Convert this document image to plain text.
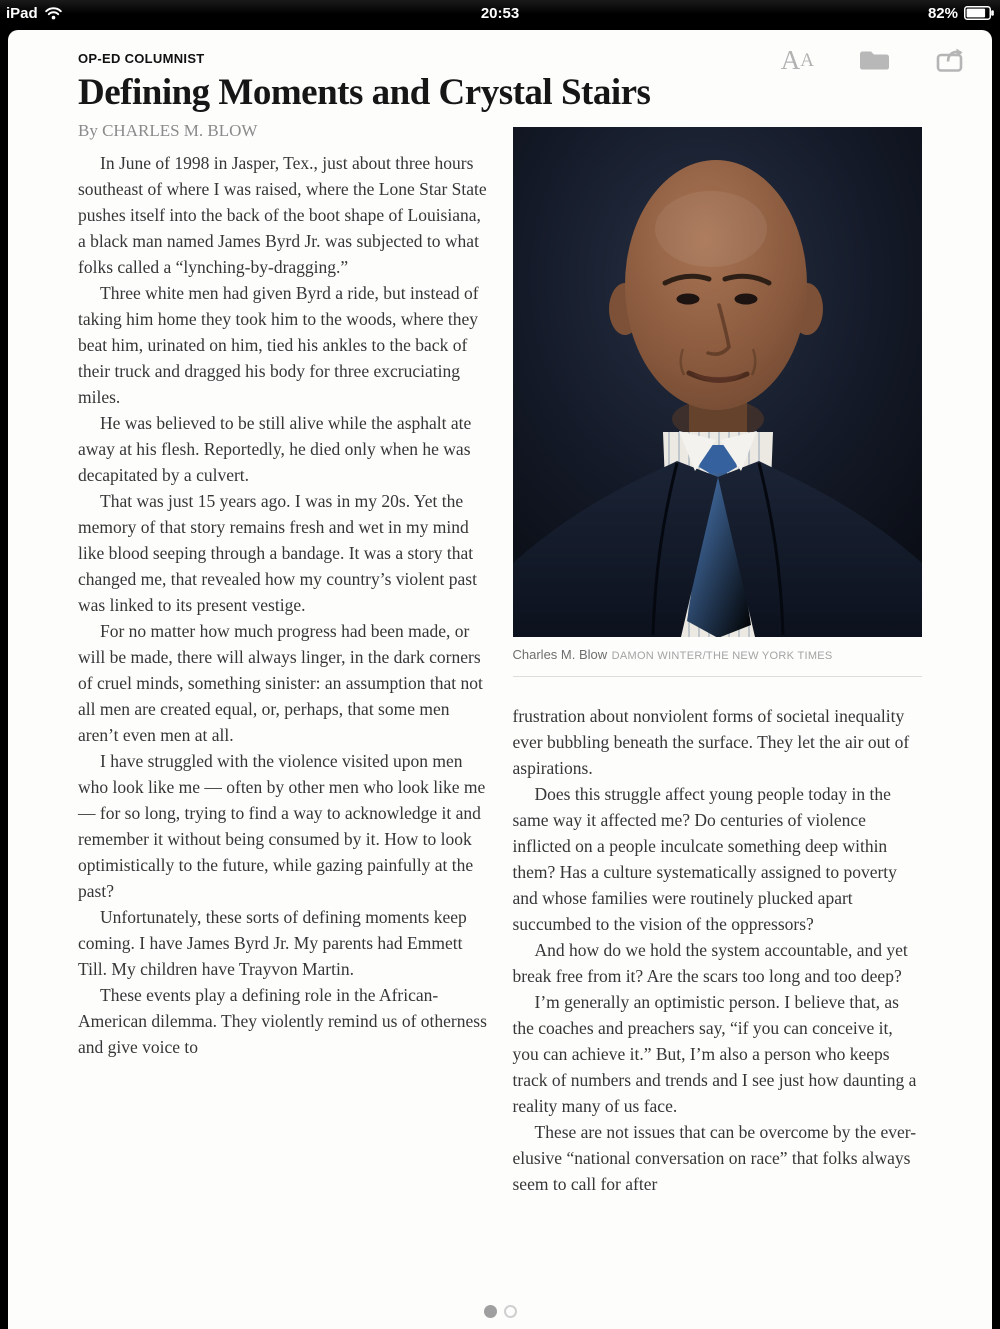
iPad	20:53	82%
A A
OP-ED COLUMNIST
Defining Moments and Crystal Stairs
By CHARLES M. BLOW

In June of 1998 in Jasper, Tex., just about three hours southeast of where I was raised, where the Lone Star State pushes itself into the back of the boot shape of Louisiana, a black man named James Byrd Jr. was subjected to what folks called a “lynching-by-dragging.”

Three white men had given Byrd a ride, but instead of taking him home they took him to the woods, where they beat him, urinated on him, tied his ankles to the back of their truck and dragged his body for three excruciating miles.

He was believed to be still alive while the asphalt ate away at his flesh. Reportedly, he died only when he was decapitated by a culvert.

That was just 15 years ago. I was in my 20s. Yet the memory of that story remains fresh and wet in my mind like blood seeping through a bandage. It was a story that changed me, that revealed how my country’s violent past was linked to its present vestige.

For no matter how much progress had been made, or will be made, there will always linger, in the dark corners of cruel minds, something sinister: an assumption that not all men are created equal, or, perhaps, that some men aren’t even men at all.

I have struggled with the violence visited upon men who look like me — often by other men who look like me — for so long, trying to find a way to acknowledge it and remember it without being consumed by it. How to look optimistically to the future, while gazing painfully at the past?

Unfortunately, these sorts of defining moments keep coming. I have James Byrd Jr. My parents had Emmett Till. My children have Trayvon Martin.

These events play a defining role in the African-American dilemma. They violently remind us of otherness and give voice to

Charles M. Blow DAMON WINTER/THE NEW YORK TIMES

frustration about nonviolent forms of societal inequality ever bubbling beneath the surface. They let the air out of aspirations.

Does this struggle affect young people today in the same way it affected me? Do centuries of violence inflicted on a people inculcate something deep within them? Has a culture systematically assigned to poverty and whose families were routinely plucked apart succumbed to the vision of the oppressors?

And how do we hold the system accountable, and yet break free from it? Are the scars too long and too deep?

I’m generally an optimistic person. I believe that, as the coaches and preachers say, “if you can conceive it, you can achieve it.” But, I’m also a person who keeps track of numbers and trends and I see just how daunting a reality many of us face.

These are not issues that can be overcome by the ever-elusive “national conversation on race” that folks always seem to call for after
